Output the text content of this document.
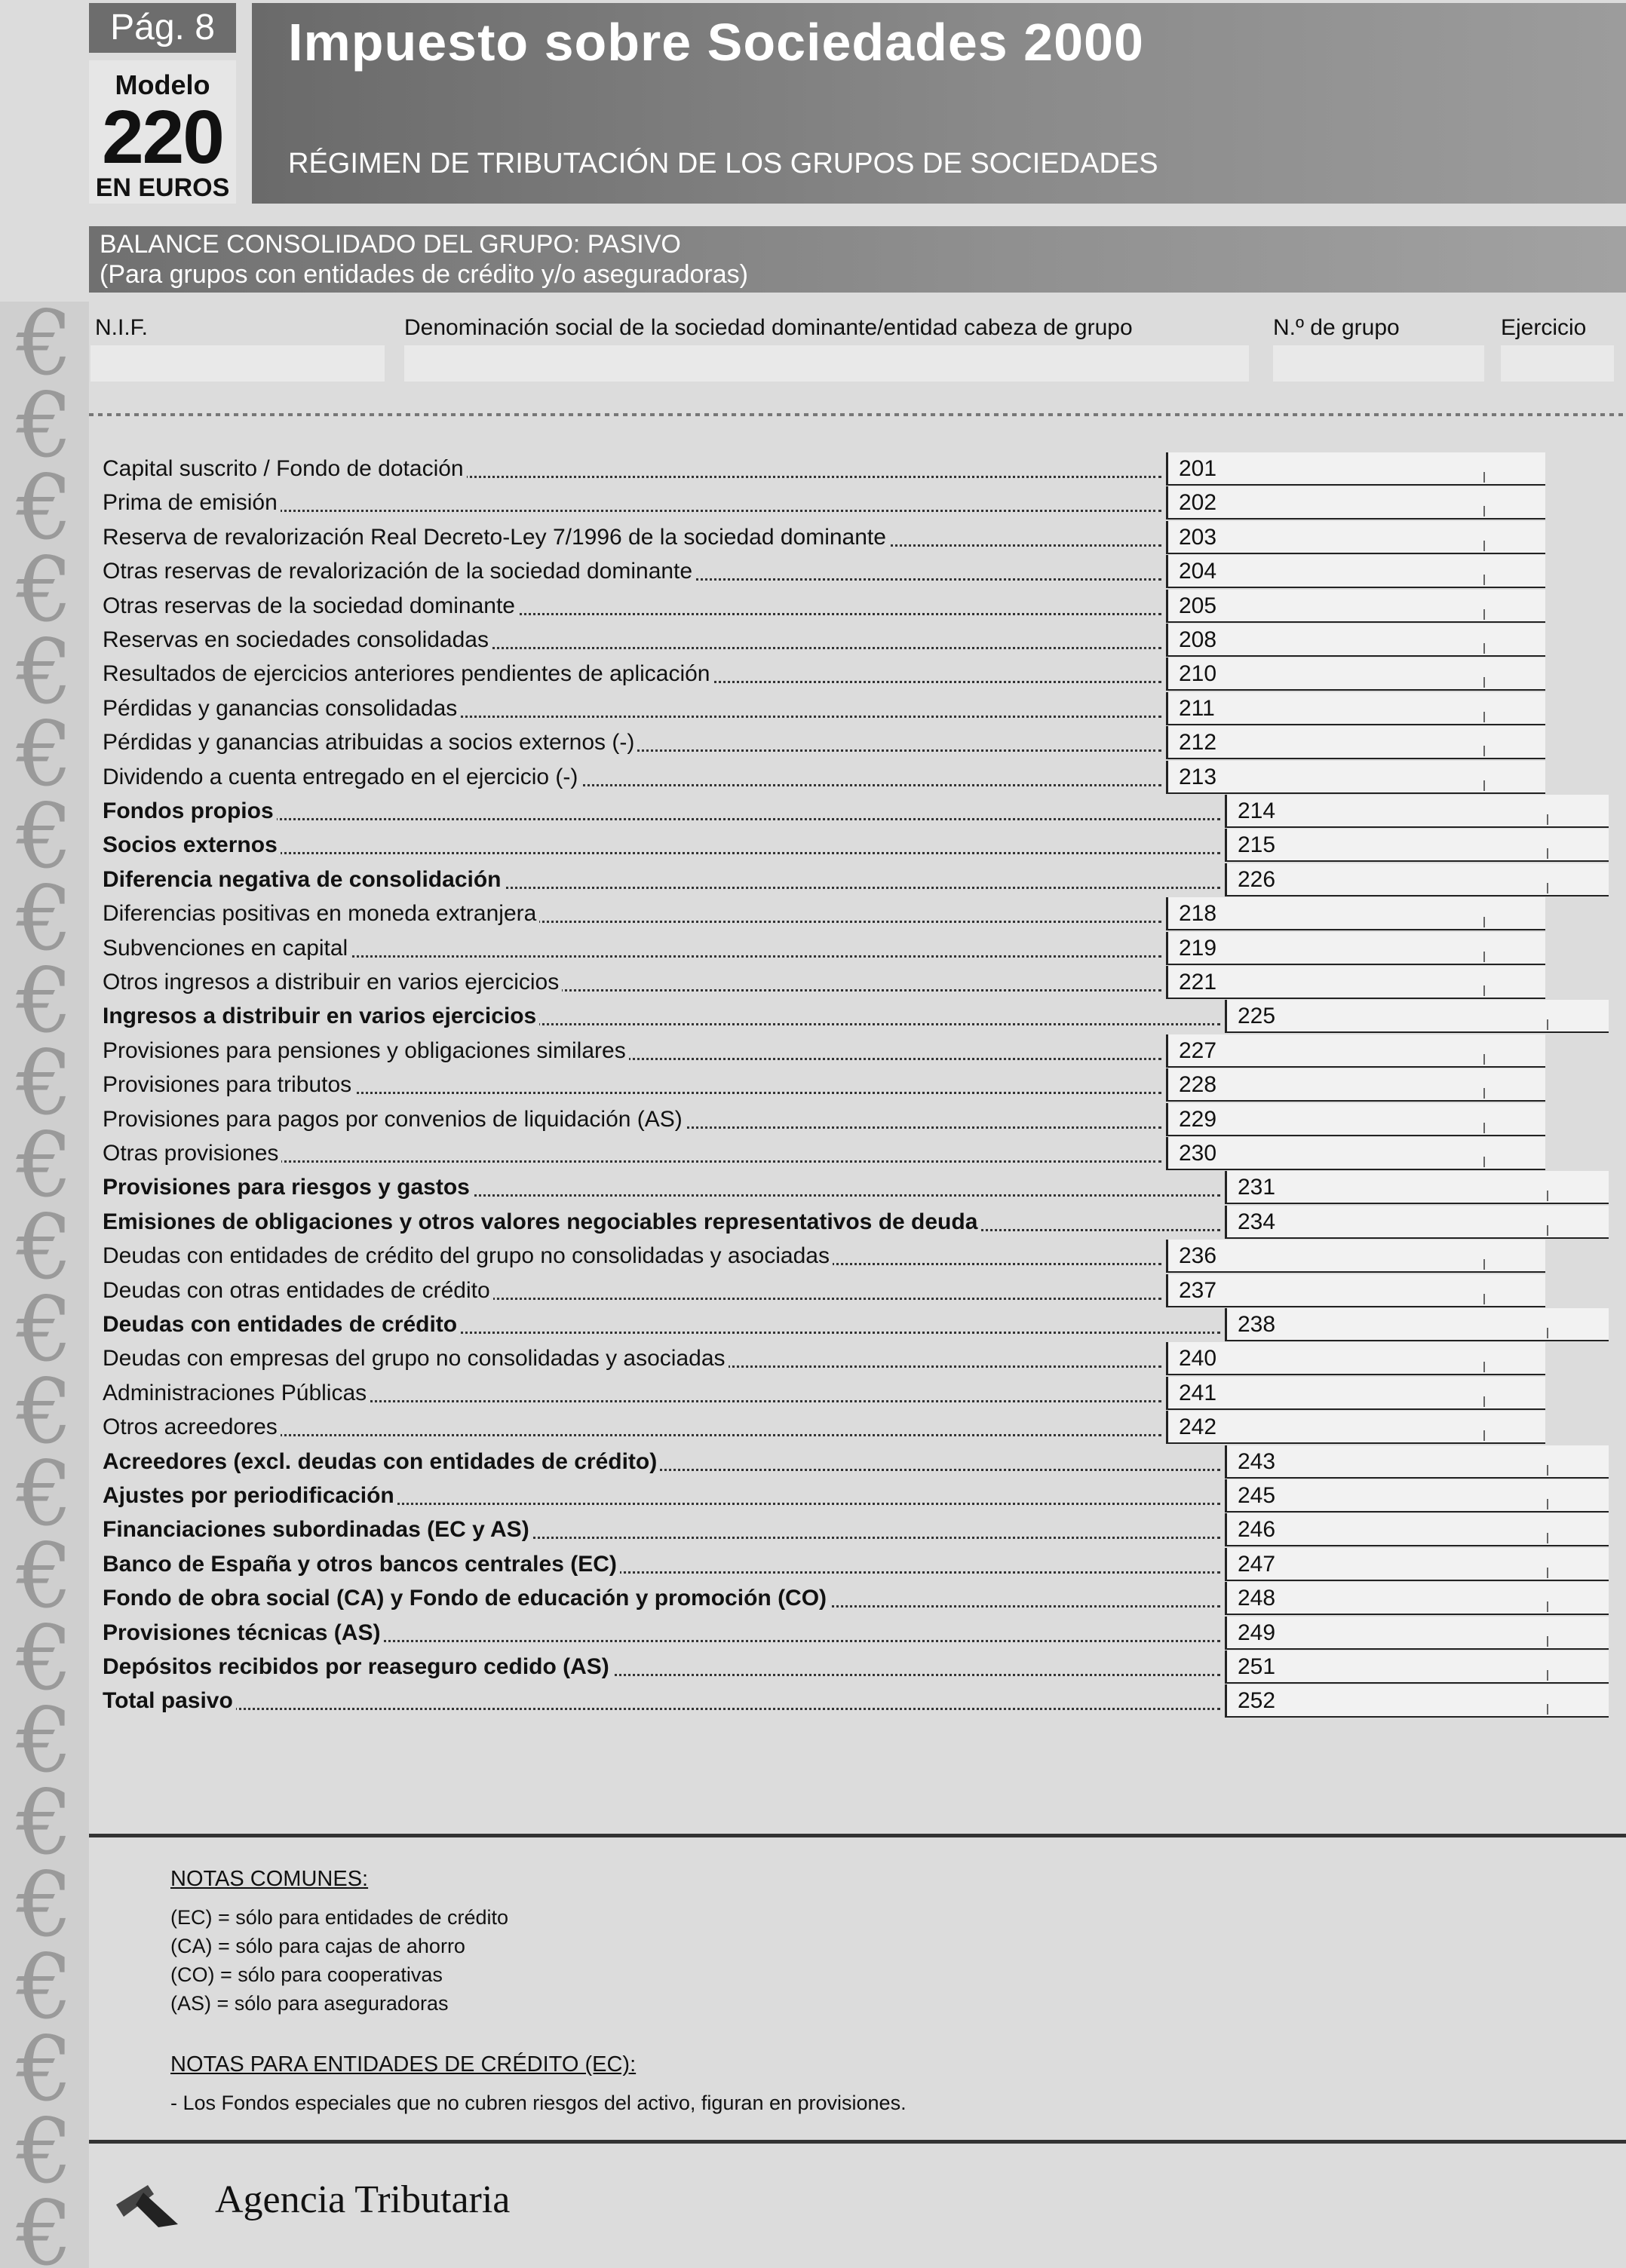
€
€
€
€
€
€
€
€
€
€
€
€
€
€
€
€
€
€
€
€
€
€
€
€
Pág. 8
Modelo
220
EN EUROS
Impuesto sobre Sociedades 2000
RÉGIMEN DE TRIBUTACIÓN DE LOS GRUPOS DE SOCIEDADES
BALANCE CONSOLIDADO DEL GRUPO: PASIVO
(Para grupos con entidades de crédito y/o aseguradoras)
N.I.F.	Denominación social de la sociedad dominante/entidad cabeza de grupo	N.º de grupo	Ejercicio
Capital suscrito / Fondo de dotación	201
Prima de emisión	202
Reserva de revalorización Real Decreto-Ley 7/1996 de la sociedad dominante	203
Otras reservas de revalorización de la sociedad dominante	204
Otras reservas de la sociedad dominante	205
Reservas en sociedades consolidadas	208
Resultados de ejercicios anteriores pendientes de aplicación	210
Pérdidas y ganancias consolidadas	211
Pérdidas y ganancias atribuidas a socios externos (-)	212
Dividendo a cuenta entregado en el ejercicio (-)	213
Fondos propios	214
Socios externos	215
Diferencia negativa de consolidación	226
Diferencias positivas en moneda extranjera	218
Subvenciones en capital	219
Otros ingresos a distribuir en varios ejercicios	221
Ingresos a distribuir en varios ejercicios	225
Provisiones para pensiones y obligaciones similares	227
Provisiones para tributos	228
Provisiones para pagos por convenios de liquidación (AS)	229
Otras provisiones	230
Provisiones para riesgos y gastos	231
Emisiones de obligaciones y otros valores negociables representativos de deuda	234
Deudas con entidades de crédito del grupo no consolidadas y asociadas	236
Deudas con otras entidades de crédito	237
Deudas con entidades de crédito	238
Deudas con empresas del grupo no consolidadas y asociadas	240
Administraciones Públicas	241
Otros acreedores	242
Acreedores (excl. deudas con entidades de crédito)	243
Ajustes por periodificación	245
Financiaciones subordinadas (EC y AS)	246
Banco de España y otros bancos centrales (EC)	247
Fondo de obra social (CA) y Fondo de educación y promoción (CO)	248
Provisiones técnicas (AS)	249
Depósitos recibidos por reaseguro cedido (AS)	251
Total pasivo	252
NOTAS COMUNES:
(EC) = sólo para entidades de crédito
(CA) = sólo para cajas de ahorro
(CO) = sólo para cooperativas
(AS) = sólo para aseguradoras
NOTAS PARA ENTIDADES DE CRÉDITO (EC):
- Los Fondos especiales que no cubren riesgos del activo, figuran en provisiones.
Agencia Tributaria
